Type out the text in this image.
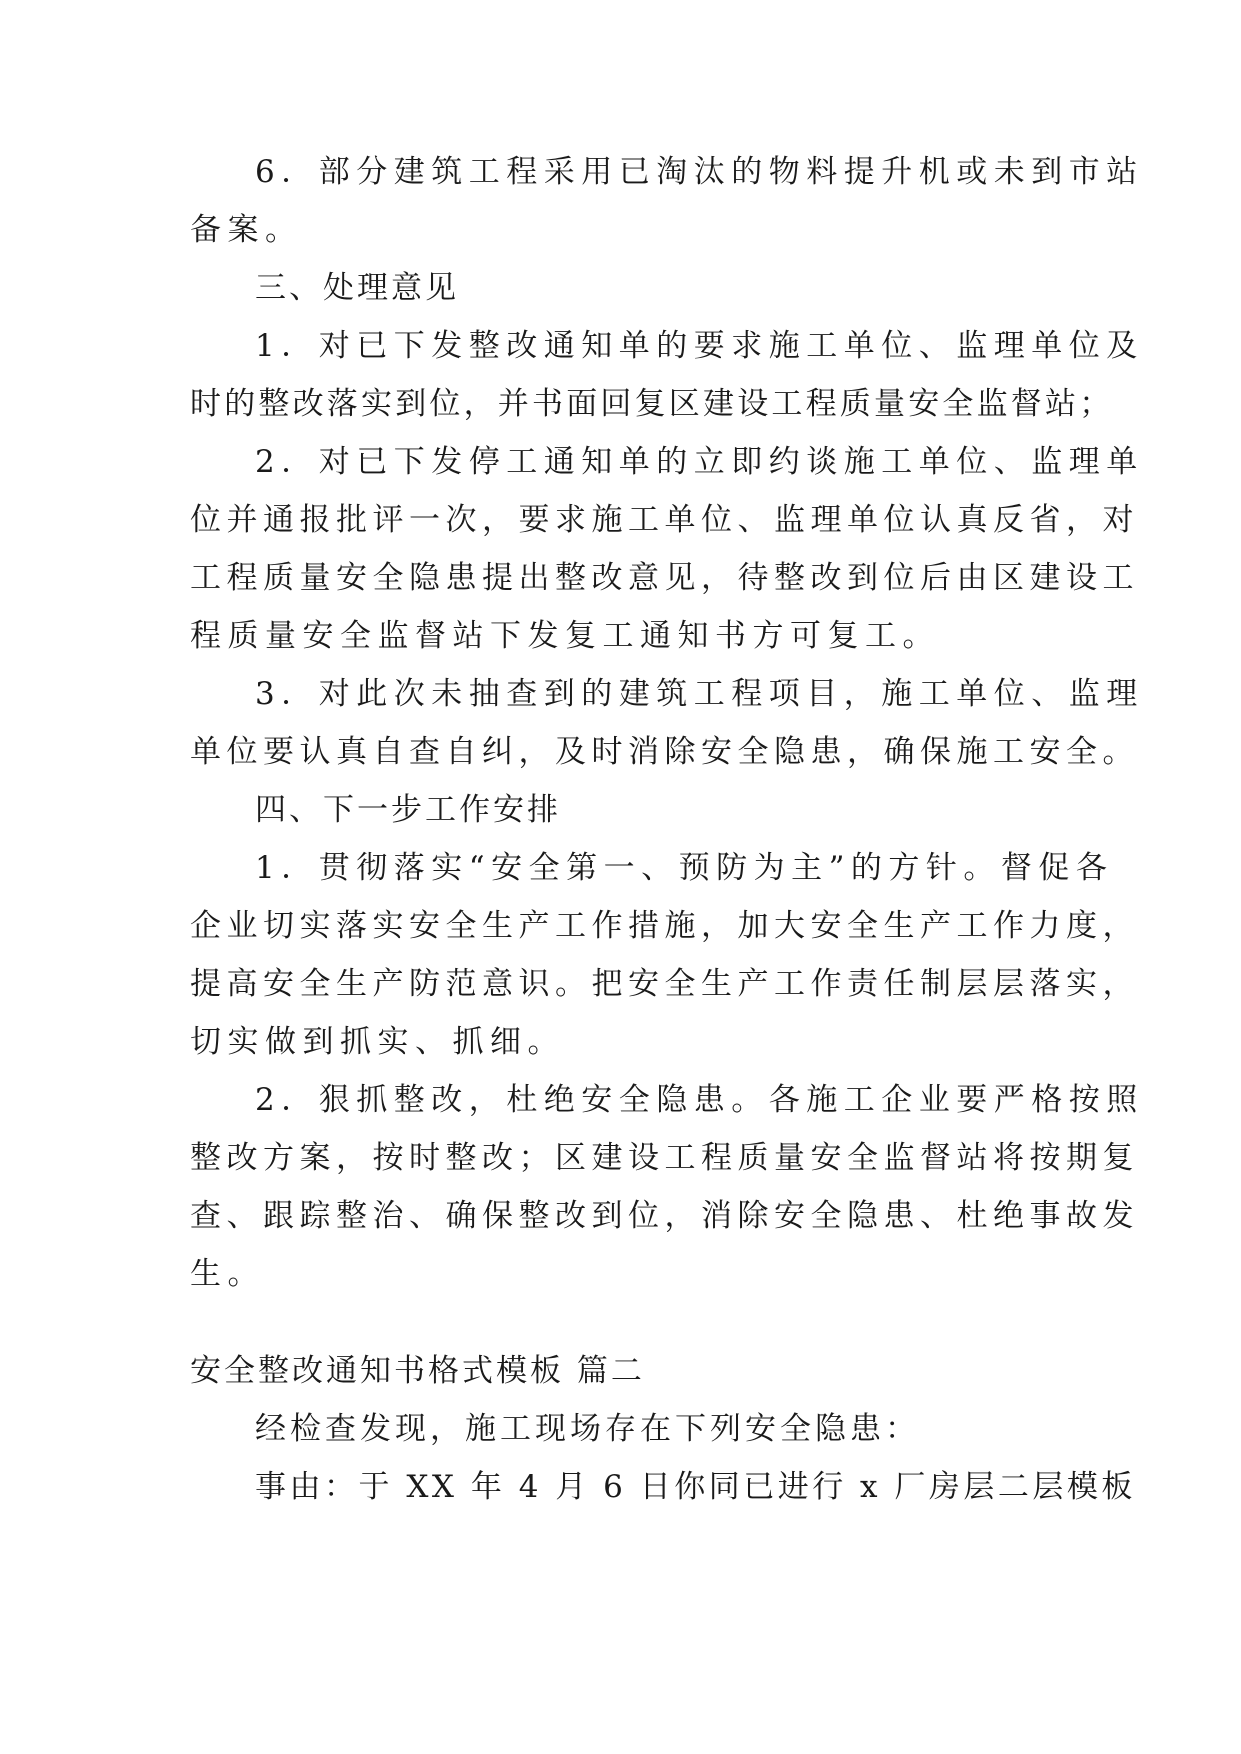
6．部分建筑工程采用已淘汰的物料提升机或未到市站
备案。
三、处理意见
1．对已下发整改通知单的要求施工单位、监理单位及
时的整改落实到位，并书面回复区建设工程质量安全监督站；
2．对已下发停工通知单的立即约谈施工单位、监理单
位并通报批评一次，要求施工单位、监理单位认真反省，对
工程质量安全隐患提出整改意见，待整改到位后由区建设工
程质量安全监督站下发复工通知书方可复工。
3．对此次未抽查到的建筑工程项目，施工单位、监理
单位要认真自查自纠，及时消除安全隐患，确保施工安全。
四、下一步工作安排
1．贯彻落实“安全第一、预防为主”的方针。督促各
企业切实落实安全生产工作措施，加大安全生产工作力度，
提高安全生产防范意识。把安全生产工作责任制层层落实，
切实做到抓实、抓细。
2．狠抓整改，杜绝安全隐患。各施工企业要严格按照
整改方案，按时整改；区建设工程质量安全监督站将按期复
查、跟踪整治、确保整改到位，消除安全隐患、杜绝事故发
生。
安全整改通知书格式模板 篇二
经检查发现，施工现场存在下列安全隐患：
事由：于 XX 年 4 月 6 日你同已进行 x 厂房层二层模板
